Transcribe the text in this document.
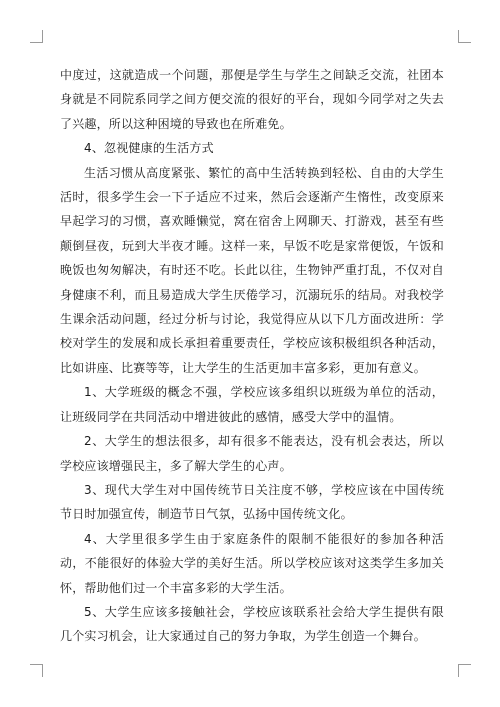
中度过，这就造成一个问题，那便是学生与学生之间缺乏交流，社团本身就是不同院系同学之间方便交流的很好的平台，现如今同学对之失去了兴趣，所以这种困境的导致也在所难免。

4、忽视健康的生活方式

生活习惯从高度紧张、繁忙的高中生活转换到轻松、自由的大学生活时，很多学生会一下子适应不过来，然后会逐渐产生惰性，改变原来早起学习的习惯，喜欢睡懒觉，窝在宿舍上网聊天、打游戏，甚至有些颠倒昼夜，玩到大半夜才睡。这样一来，早饭不吃是家常便饭，午饭和晚饭也匆匆解决，有时还不吃。长此以往，生物钟严重打乱，不仅对自身健康不利，而且易造成大学生厌倦学习，沉溺玩乐的结局。对我校学生课余活动问题，经过分析与讨论，我觉得应从以下几方面改进所：学校对学生的发展和成长承担着重要责任，学校应该积极组织各种活动，比如讲座、比赛等等，让大学生的生活更加丰富多彩，更加有意义。

1、大学班级的概念不强，学校应该多组织以班级为单位的活动，让班级同学在共同活动中增进彼此的感情，感受大学中的温情。

2、大学生的想法很多，却有很多不能表达，没有机会表达，所以学校应该增强民主，多了解大学生的心声。

3、现代大学生对中国传统节日关注度不够，学校应该在中国传统节日时加强宣传，制造节日气氛，弘扬中国传统文化。

4、大学里很多学生由于家庭条件的限制不能很好的参加各种活动，不能很好的体验大学的美好生活。所以学校应该对这类学生多加关怀，帮助他们过一个丰富多彩的大学生活。

5、大学生应该多接触社会，学校应该联系社会给大学生提供有限几个实习机会，让大家通过自己的努力争取，为学生创造一个舞台。
